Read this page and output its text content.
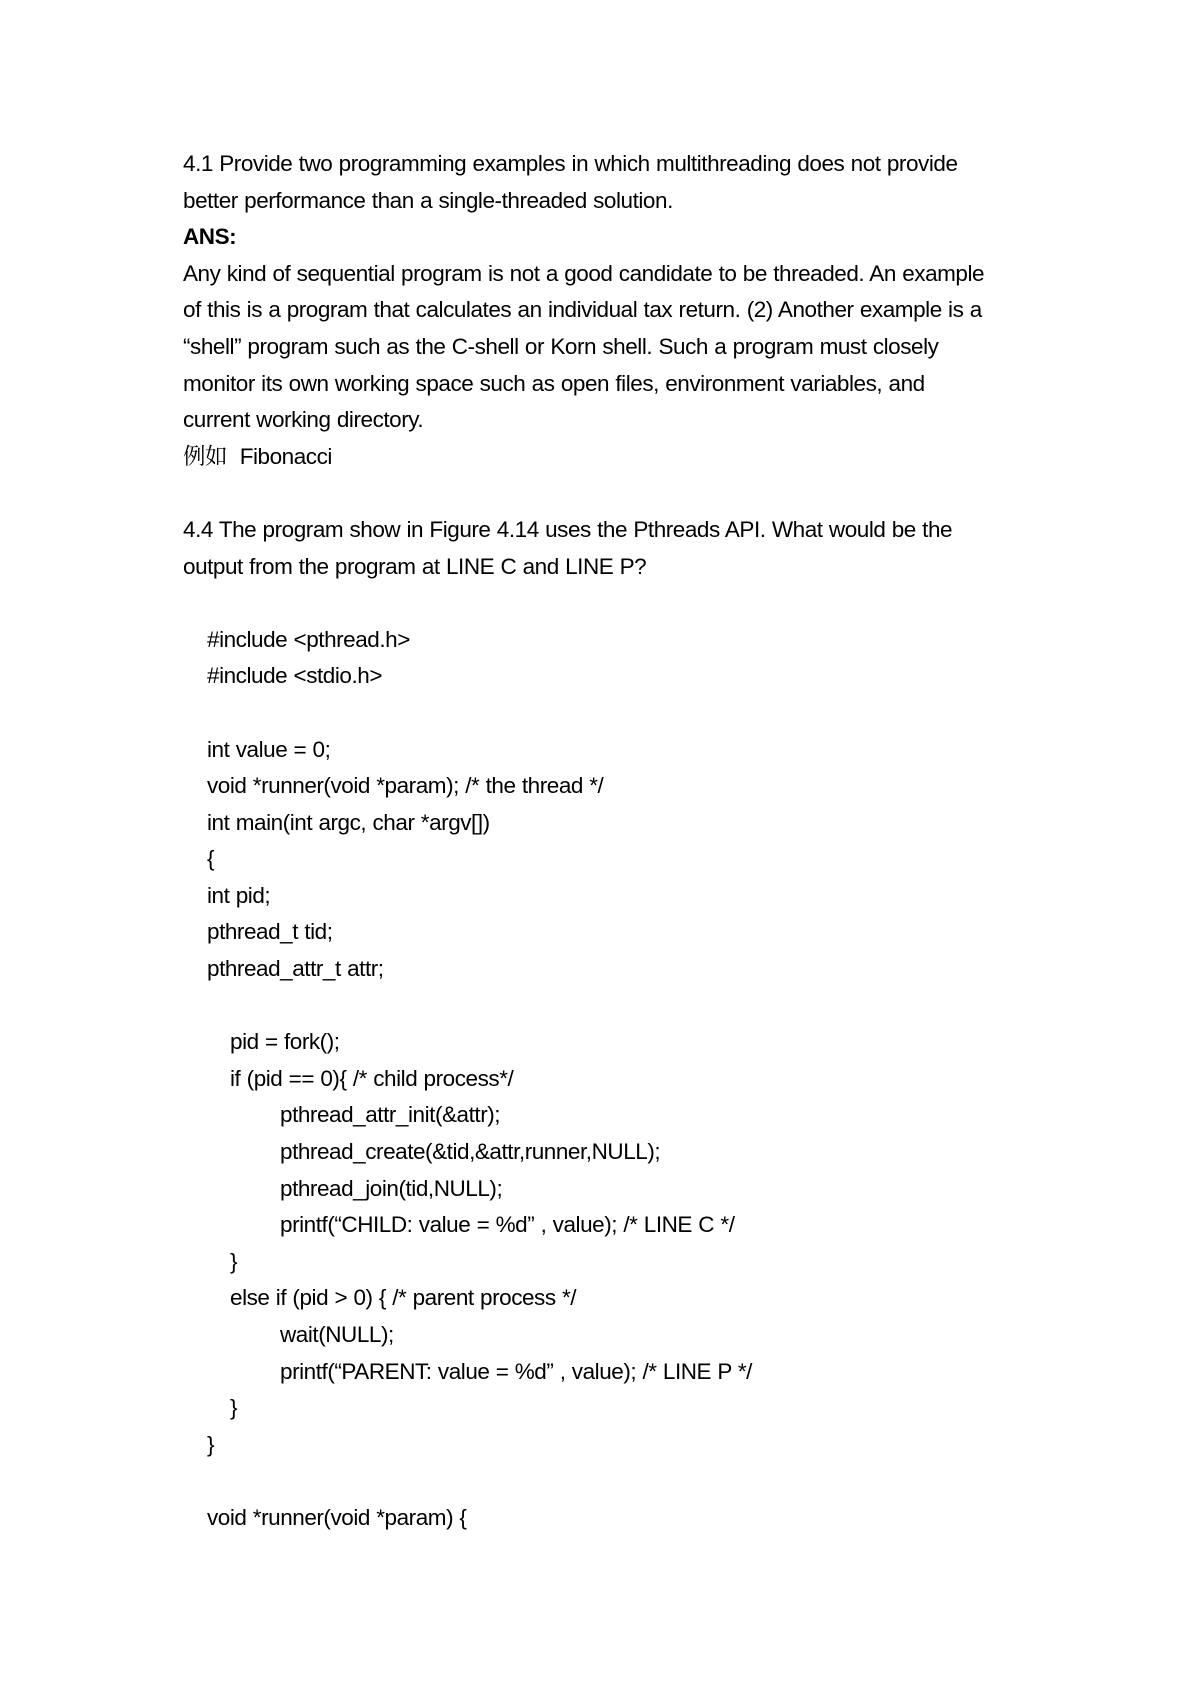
4.1 Provide two programming examples in which multithreading does not provide
better performance than a single-threaded solution.
ANS:
Any kind of sequential program is not a good candidate to be threaded. An example
of this is a program that calculates an individual tax return. (2) Another example is a
“shell” program such as the C-shell or Korn shell. Such a program must closely
monitor its own working space such as open files, environment variables, and
current working directory.
例如  Fibonacci
4.4 The program show in Figure 4.14 uses the Pthreads API. What would be the
output from the program at LINE C and LINE P?
#include <pthread.h>
#include <stdio.h>
int value = 0;
void *runner(void *param); /* the thread */
int main(int argc, char *argv[])
{
int pid;
pthread_t tid;
pthread_attr_t attr;
pid = fork();
if (pid == 0){ /* child process*/
pthread_attr_init(&attr);
pthread_create(&tid,&attr,runner,NULL);
pthread_join(tid,NULL);
printf(“CHILD: value = %d” , value); /* LINE C */
}
else if (pid > 0) { /* parent process */
wait(NULL);
printf(“PARENT: value = %d” , value); /* LINE P */
}
}
void *runner(void *param) {
